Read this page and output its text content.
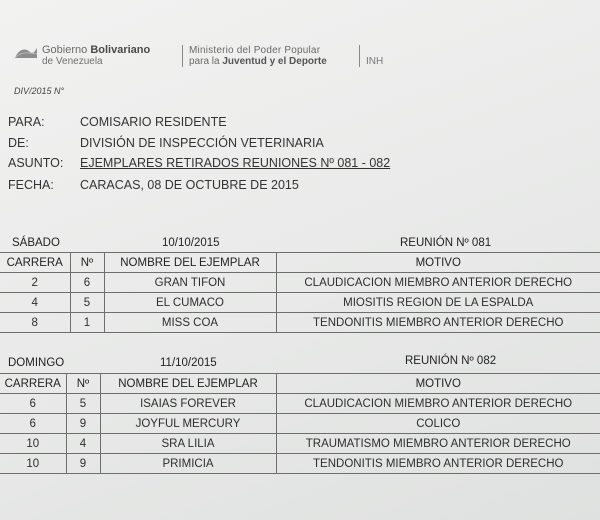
Gobierno Bolivariano
de Venezuela
Ministerio del Poder Popular
para la Juventud y el Deporte	INH
DIV/2015 N°
PARA:	COMISARIO RESIDENTE
DE:	DIVISIÓN DE INSPECCIÓN VETERINARIA
ASUNTO: EJEMPLARES RETIRADOS REUNIONES Nº 081 - 082
FECHA: CARACAS, 08 DE OCTUBRE DE 2015
SÁBADO	10/10/2015	REUNIÓN Nº 081
CARRERA	Nº	NOMBRE DEL EJEMPLAR	MOTIVO
2	6	GRAN TIFON	CLAUDICACION MIEMBRO ANTERIOR DERECHO
4	5	EL CUMACO	MIOSITIS REGION DE LA ESPALDA
8	1	MISS COA	TENDONITIS MIEMBRO ANTERIOR DERECHO
DOMINGO	11/10/2015	REUNIÓN Nº 082
CARRERA	Nº	NOMBRE DEL EJEMPLAR	MOTIVO
6	5	ISAIAS FOREVER	CLAUDICACION MIEMBRO ANTERIOR DERECHO
6	9	JOYFUL MERCURY	COLICO
10	4	SRA LILIA	TRAUMATISMO MIEMBRO ANTERIOR DERECHO
10	9	PRIMICIA	TENDONITIS MIEMBRO ANTERIOR DERECHO
